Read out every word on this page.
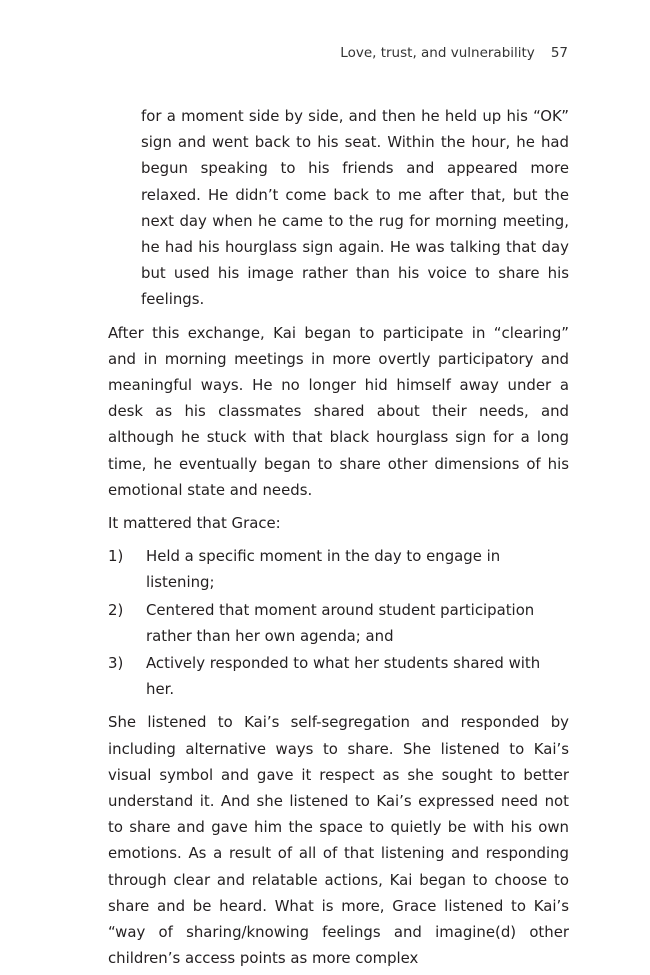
Love, trust, and vulnerability 57

for a moment side by side, and then he held up his “OK” sign and went back to his seat. Within the hour, he had begun speaking to his friends and appeared more relaxed. He didn’t come back to me after that, but the next day when he came to the rug for morning meeting, he had his hourglass sign again. He was talking that day but used his image rather than his voice to share his feelings.

After this exchange, Kai began to participate in “clearing” and in morning meetings in more overtly participatory and meaningful ways. He no longer hid himself away under a desk as his classmates shared about their needs, and although he stuck with that black hourglass sign for a long time, he eventually began to share other dimensions of his emotional state and needs.

It mattered that Grace:

1)	Held a specific moment in the day to engage in listening;
2)	Centered that moment around student participation rather than her own agenda; and
3)	Actively responded to what her students shared with her.

She listened to Kai’s self-segregation and responded by including alternative ways to share. She listened to Kai’s visual symbol and gave it respect as she sought to better understand it. And she listened to Kai’s expressed need not to share and gave him the space to quietly be with his own emotions. As a result of all of that listening and responding through clear and relatable actions, Kai began to choose to share and be heard. What is more, Grace listened to Kai’s “way of sharing/knowing feelings and imagine(d) other children’s access points as more complex
